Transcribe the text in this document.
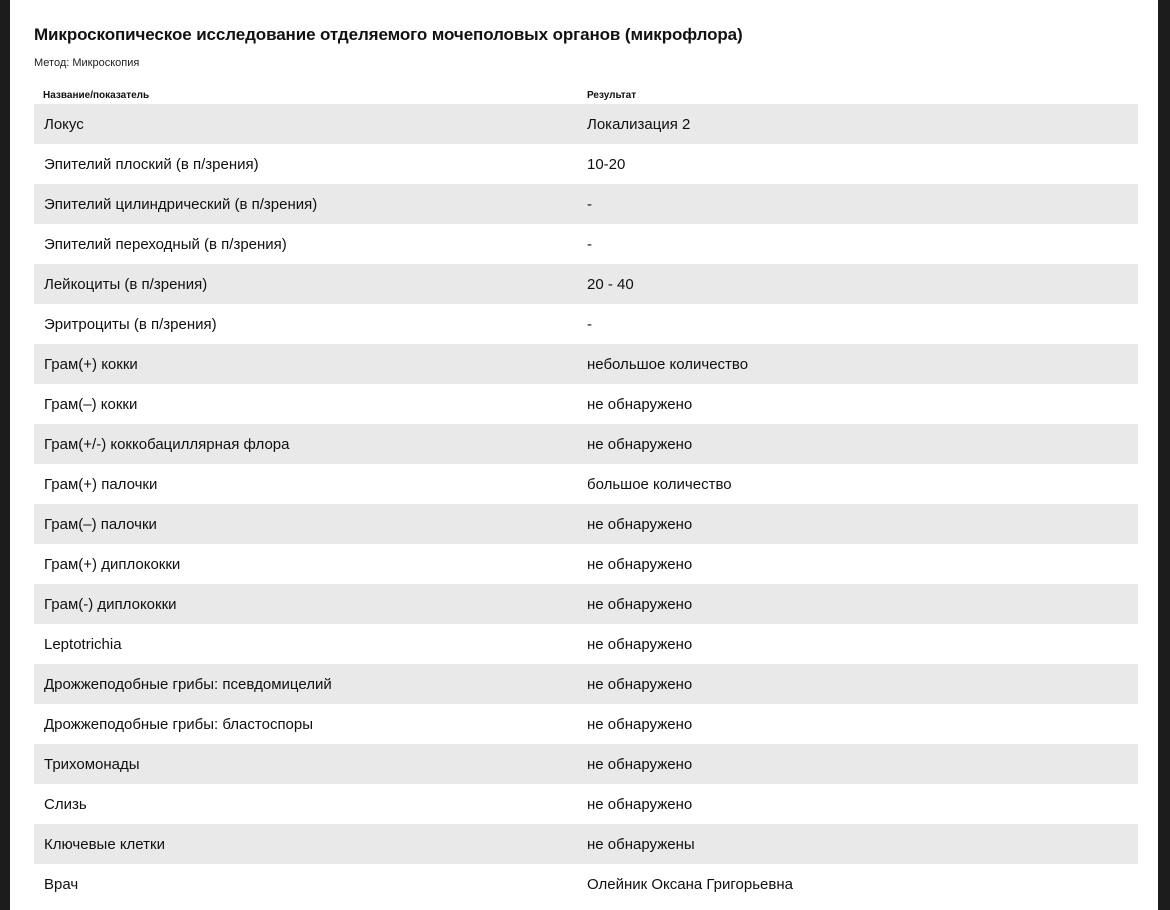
Микроскопическое исследование отделяемого мочеполовых органов (микрофлора)
Метод: Микроскопия
Название/показатель	Результат
Локус	Локализация 2
Эпителий плоский (в п/зрения)	10-20
Эпителий цилиндрический (в п/зрения)	-
Эпителий переходный (в п/зрения)	-
Лейкоциты (в п/зрения)	20 - 40
Эритроциты (в п/зрения)	-
Грам(+) кокки	небольшое количество
Грам(–) кокки	не обнаружено
Грам(+/-) коккобациллярная флора	не обнаружено
Грам(+) палочки	большое количество
Грам(–) палочки	не обнаружено
Грам(+) диплококки	не обнаружено
Грам(-) диплококки	не обнаружено
Leptotrichia	не обнаружено
Дрожжеподобные грибы: псевдомицелий	не обнаружено
Дрожжеподобные грибы: бластоспоры	не обнаружено
Трихомонады	не обнаружено
Слизь	не обнаружено
Ключевые клетки	не обнаружены
Врач	Олейник Оксана Григорьевна
